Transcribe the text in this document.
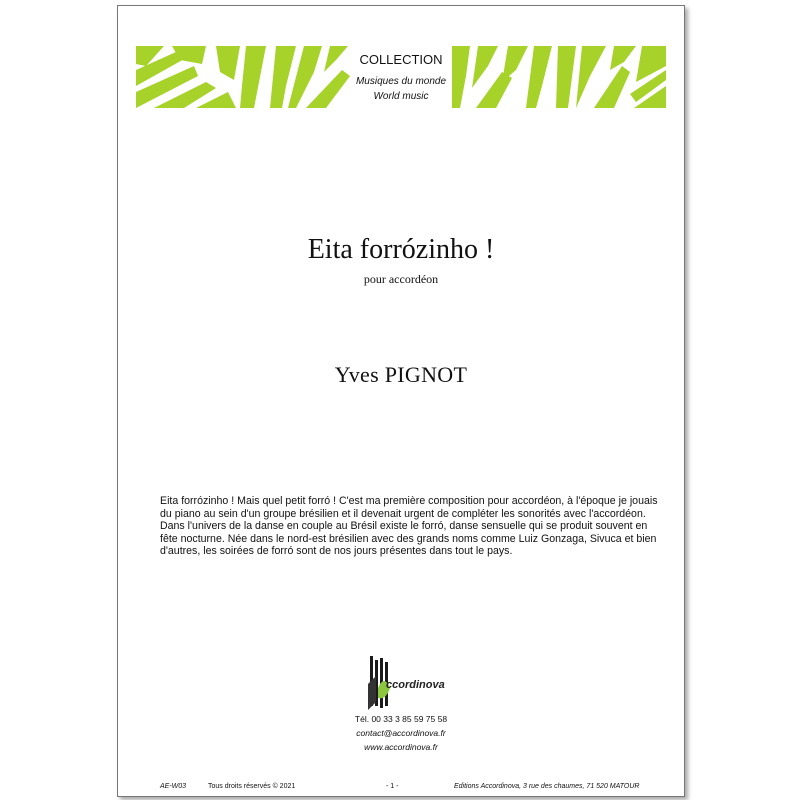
COLLECTION
Musiques du monde
World music
Eita forrózinho !
pour accordéon
Yves PIGNOT

Eita forrózinho ! Mais quel petit forró ! C'est ma première composition pour accordéon, à l'époque je jouais du piano au sein d'un groupe brésilien et il devenait urgent de compléter les sonorités avec l'accordéon.

Dans l'univers de la danse en couple au Brésil existe le forró, danse sensuelle qui se produit souvent en fête nocturne. Née dans le nord-est brésilien avec des grands noms comme Luiz Gonzaga, Sivuca et bien d'autres, les soirées de forró sont de nos jours présentes dans tout le pays.

ccordinova
Tél. 00 33 3 85 59 75 58
contact@accordinova.fr
www.accordinova.fr
AE-W03	Tous droits réservés © 2021	- 1 -	Editions Accordinova, 3 rue des chaumes, 71 520 MATOUR
